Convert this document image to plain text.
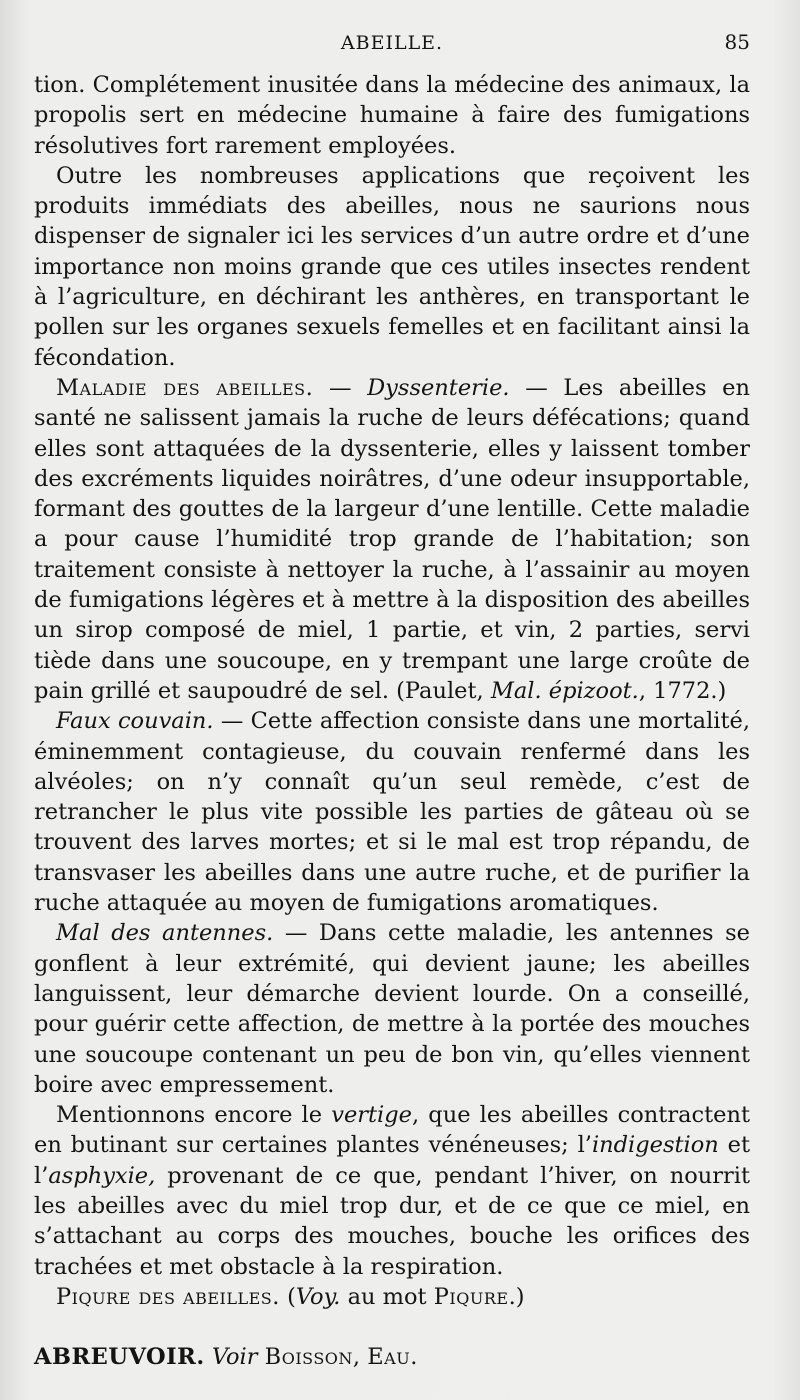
ABEILLE.	85

tion. Complétement inusitée dans la médecine des animaux, la propolis sert en médecine humaine à faire des fumigations résolutives fort rarement employées.

Outre les nombreuses applications que reçoivent les produits immédiats des abeilles, nous ne saurions nous dispenser de signaler ici les services d’un autre ordre et d’une importance non moins grande que ces utiles insectes rendent à l’agriculture, en déchirant les anthères, en transportant le pollen sur les organes sexuels femelles et en facilitant ainsi la fécondation.

Maladie des abeilles. — Dyssenterie. — Les abeilles en santé ne salissent jamais la ruche de leurs défécations; quand elles sont attaquées de la dyssenterie, elles y laissent tomber des excréments liquides noirâtres, d’une odeur insupportable, formant des gouttes de la largeur d’une lentille. Cette maladie a pour cause l’humidité trop grande de l’habitation; son traitement consiste à nettoyer la ruche, à l’assainir au moyen de fumigations légères et à mettre à la disposition des abeilles un sirop composé de miel, 1 partie, et vin, 2 parties, servi tiède dans une soucoupe, en y trempant une large croûte de pain grillé et saupoudré de sel. (Paulet, Mal. épizoot., 1772.)

Faux couvain. — Cette affection consiste dans une mortalité, éminemment contagieuse, du couvain renfermé dans les alvéoles; on n’y connaît qu’un seul remède, c’est de retrancher le plus vite possible les parties de gâteau où se trouvent des larves mortes; et si le mal est trop répandu, de transvaser les abeilles dans une autre ruche, et de purifier la ruche attaquée au moyen de fumigations aromatiques.

Mal des antennes. — Dans cette maladie, les antennes se gonflent à leur extrémité, qui devient jaune; les abeilles languissent, leur démarche devient lourde. On a conseillé, pour guérir cette affection, de mettre à la portée des mouches une soucoupe contenant un peu de bon vin, qu’elles viennent boire avec empressement.

Mentionnons encore le vertige, que les abeilles contractent en butinant sur certaines plantes vénéneuses; l’indigestion et l’asphyxie, provenant de ce que, pendant l’hiver, on nourrit les abeilles avec du miel trop dur, et de ce que ce miel, en s’attachant au corps des mouches, bouche les orifices des trachées et met obstacle à la respiration.

Piqure des abeilles. (Voy. au mot Piqure.)

ABREUVOIR. Voir Boisson, Eau.
